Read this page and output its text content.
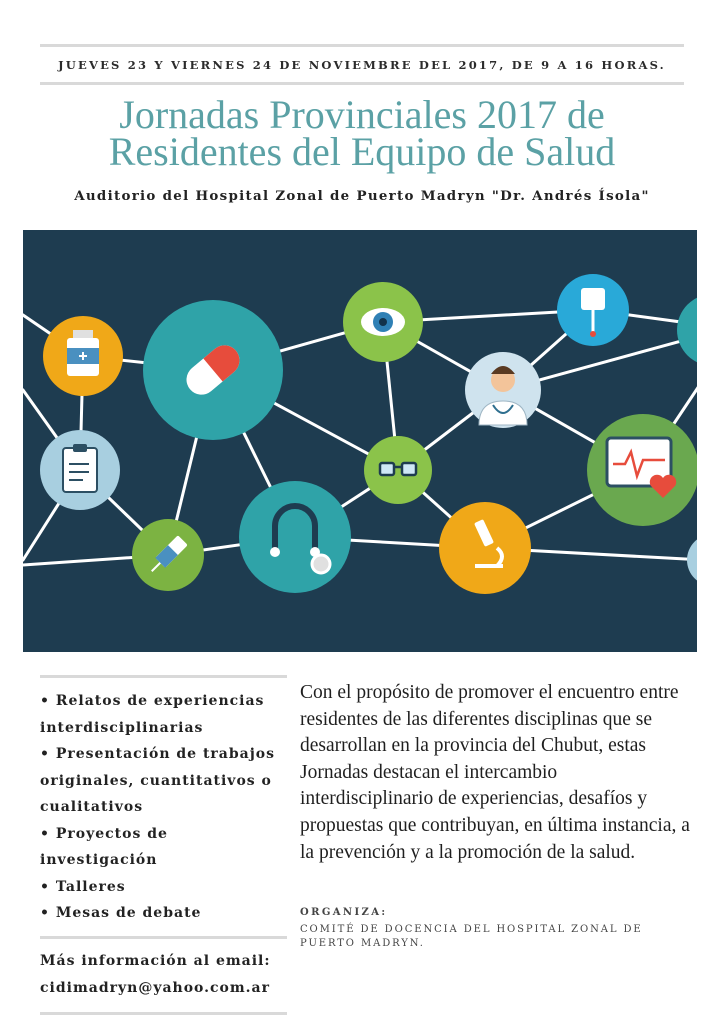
JUEVES 23 Y VIERNES 24 DE NOVIEMBRE DEL 2017, DE 9 A 16 HORAS.
Jornadas Provinciales 2017 de
Residentes del Equipo de Salud
Auditorio del Hospital Zonal de Puerto Madryn "Dr. Andrés Ísola"
• Relatos de experiencias interdisciplinarias
• Presentación de trabajos originales, cuantitativos o cualitativos
• Proyectos de investigación
• Talleres
• Mesas de debate
Más información al email:
cidimadryn@yahoo.com.ar

Con el propósito de promover el encuentro entre residentes de las diferentes disciplinas que se desarrollan en la provincia del Chubut, estas Jornadas destacan el intercambio interdisciplinario de experiencias, desafíos y propuestas que contribuyan, en última instancia, a la prevención y a la promoción de la salud.

ORGANIZA:
COMITÉ DE DOCENCIA DEL HOSPITAL ZONAL DE PUERTO MADRYN.
